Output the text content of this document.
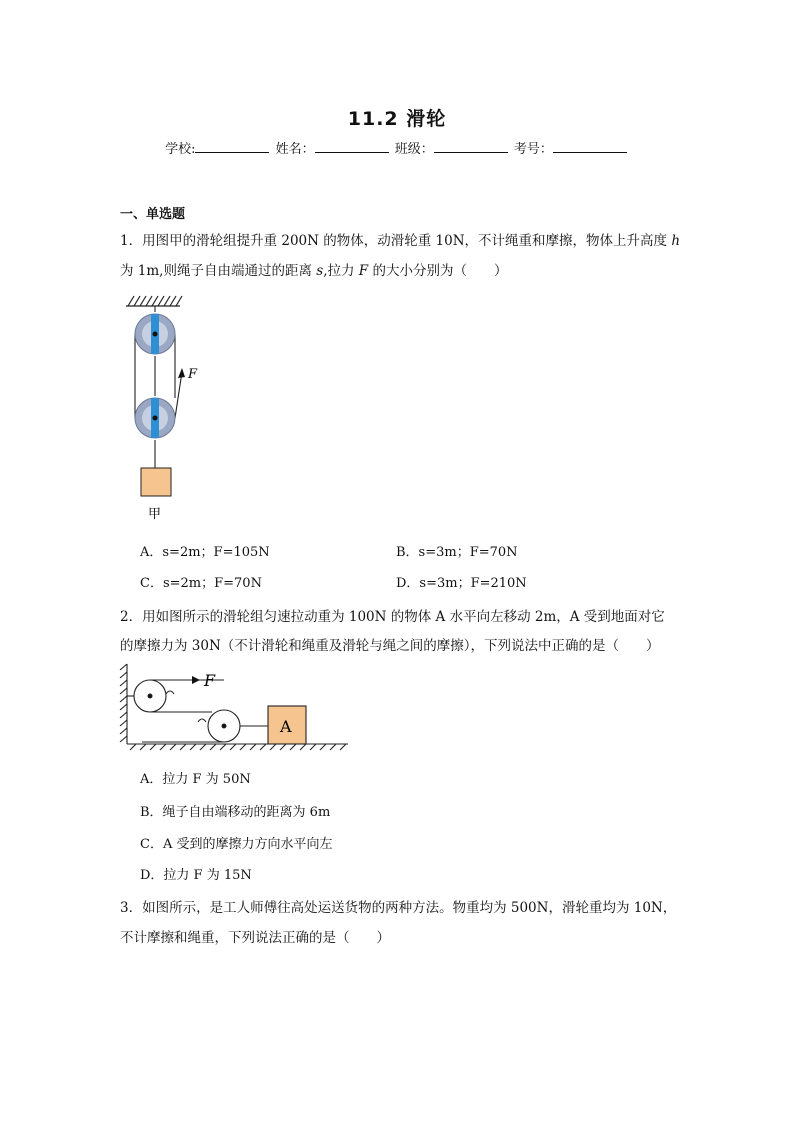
11.2 滑轮
学校:	姓名：	班级：	考号：
一、单选题
1．用图甲的滑轮组提升重 200N 的物体，动滑轮重 10N，不计绳重和摩擦，物体上升高度 h
为 1m,则绳子自由端通过的距离 s,拉力 F 的大小分别为（　　）
F
甲
A．s=2m；F=105N	B．s=3m；F=70N
C．s=2m；F=70N	D．s=3m；F=210N
2．用如图所示的滑轮组匀速拉动重为 100N 的物体 A 水平向左移动 2m，A 受到地面对它
的摩擦力为 30N（不计滑轮和绳重及滑轮与绳之间的摩擦），下列说法中正确的是（　　）
F
A
A．拉力 F 为 50N
B．绳子自由端移动的距离为 6m
C．A 受到的摩擦力方向水平向左
D．拉力 F 为 15N
3．如图所示，是工人师傅往高处运送货物的两种方法。物重均为 500N，滑轮重均为 10N，
不计摩擦和绳重，下列说法正确的是（　　）
